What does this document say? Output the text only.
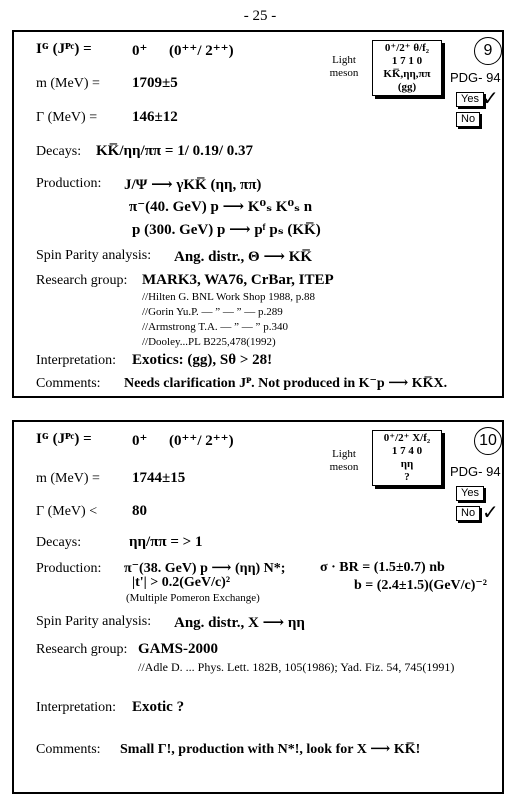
- 25 -
Iᴳ (Jᴾᶜ) =	0⁺ (0⁺⁺/ 2⁺⁺)
m (MeV) = 1709±5
Γ (MeV) = 146±12
Decays: KK̅/ηη/ππ = 1/ 0.19/ 0.37
Production: J/Ψ ⟶ γKK̅ (ηη, ππ)
π⁻(40. GeV) p ⟶ K⁰ₛ K⁰ₛ n
p (300. GeV) p ⟶ pᶠ pₛ (KK̅)
Spin Parity analysis: Ang. distr., Θ ⟶ KK̅
Research group: MARK3, WA76, CrBar, ITEP
//Hilten G. BNL Work Shop 1988, p.88
//Gorin Yu.P. — ” — ” — p.289
//Armstrong T.A. — ” — ” p.340
//Dooley...PL B225,478(1992)
Interpretation: Exotics: (gg), Sθ > 28!
Comments: Needs clarification Jᴾ. Not produced in K⁻p ⟶ KK̅X.
Light meson
0⁺/2⁺ θ/f₂
1 7 1 0
KK̅,ηη,ππ
(gg)
9
PDG- 94
Yes
No
✓
Iᴳ (Jᴾᶜ) =	0⁺ (0⁺⁺/ 2⁺⁺)
m (MeV) = 1744±15
Γ (MeV) < 80
Decays:	ηη/ππ = > 1
Production: π⁻(38. GeV) p ⟶ (ηη) N*;
|t'| > 0.2(GeV/c)²
(Multiple Pomeron Exchange)
σ · BR = (1.5±0.7) nb
b = (2.4±1.5)(GeV/c)⁻²
Spin Parity analysis: Ang. distr., X ⟶ ηη
Research group: GAMS-2000
//Adle D. ... Phys. Lett. 182B, 105(1986); Yad. Fiz. 54, 745(1991)
Interpretation: Exotic ?
Comments: Small Γ!, production with N*!, look for X ⟶ KK̅!
Light meson
0⁺/2⁺ X/f₂
1 7 4 0
ηη
?
10
PDG- 94
Yes
No ✓
